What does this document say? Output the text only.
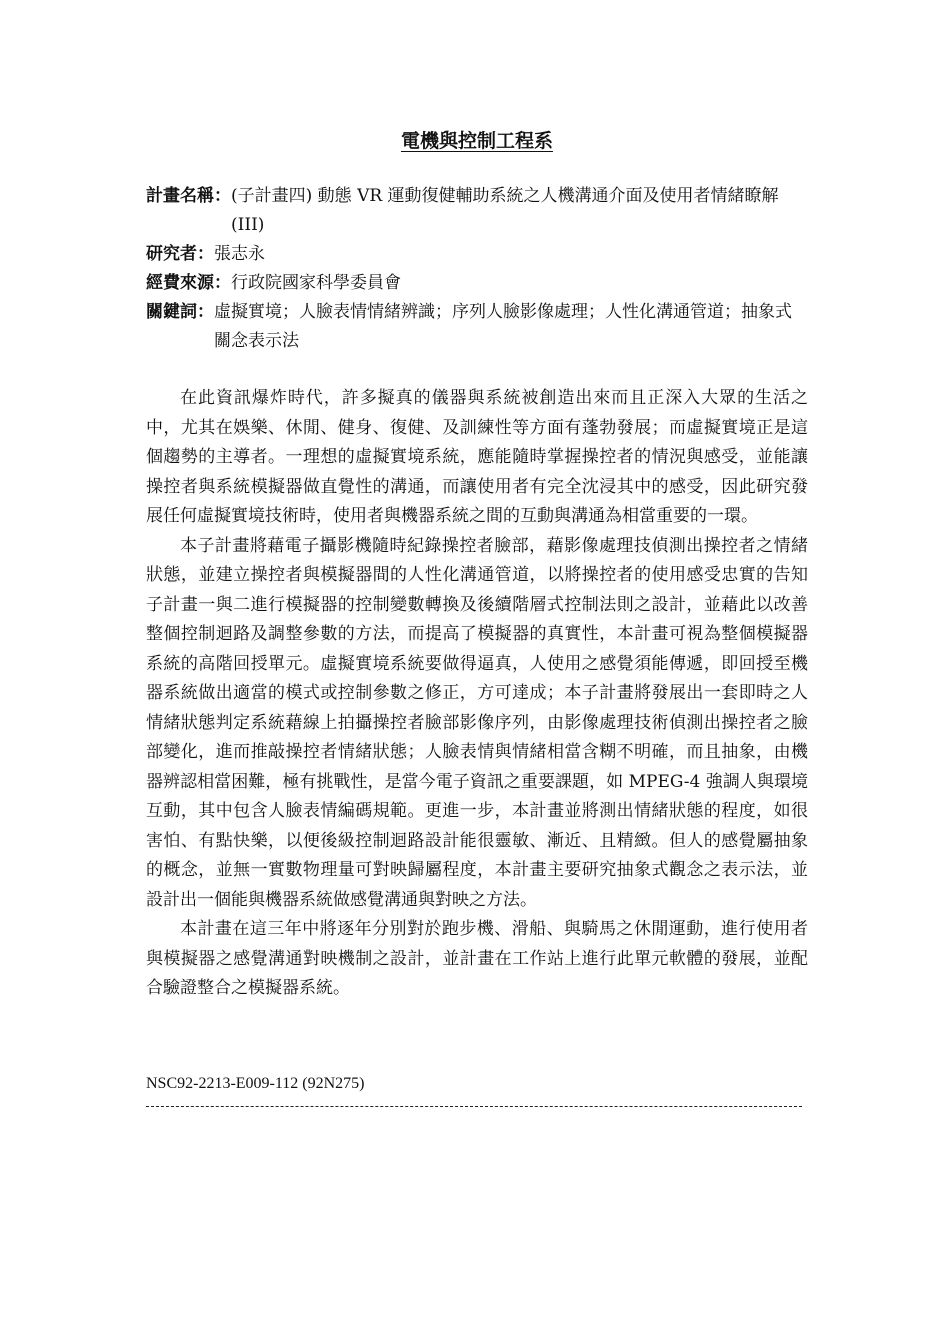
電機與控制工程系
計畫名稱： (子計畫四) 動態 VR 運動復健輔助系統之人機溝通介面及使用者情緒瞭解(III)
研究者： 張志永
經費來源： 行政院國家科學委員會
關鍵詞： 虛擬實境；人臉表情情緒辨識；序列人臉影像處理；人性化溝通管道；抽象式關念表示法

在此資訊爆炸時代，許多擬真的儀器與系統被創造出來而且正深入大眾的生活之中，尤其在娛樂、休閒、健身、復健、及訓練性等方面有蓬勃發展；而虛擬實境正是這個趨勢的主導者。一理想的虛擬實境系統，應能隨時掌握操控者的情況與感受，並能讓操控者與系統模擬器做直覺性的溝通，而讓使用者有完全沈浸其中的感受，因此研究發展任何虛擬實境技術時，使用者與機器系統之間的互動與溝通為相當重要的一環。

本子計畫將藉電子攝影機隨時紀錄操控者臉部，藉影像處理技偵測出操控者之情緒狀態，並建立操控者與模擬器間的人性化溝通管道，以將操控者的使用感受忠實的告知子計畫一與二進行模擬器的控制變數轉換及後續階層式控制法則之設計，並藉此以改善整個控制迴路及調整參數的方法，而提高了模擬器的真實性，本計畫可視為整個模擬器系統的高階回授單元。虛擬實境系統要做得逼真，人使用之感覺須能傳遞，即回授至機器系統做出適當的模式或控制參數之修正，方可達成；本子計畫將發展出一套即時之人情緒狀態判定系統藉線上拍攝操控者臉部影像序列，由影像處理技術偵測出操控者之臉部變化，進而推敲操控者情緒狀態；人臉表情與情緒相當含糊不明確，而且抽象，由機器辨認相當困難，極有挑戰性，是當今電子資訊之重要課題，如 MPEG-4 強調人與環境互動，其中包含人臉表情編碼規範。更進一步，本計畫並將測出情緒狀態的程度，如很害怕、有點快樂，以便後級控制迴路設計能很靈敏、漸近、且精緻。但人的感覺屬抽象的概念，並無一實數物理量可對映歸屬程度，本計畫主要研究抽象式觀念之表示法，並設計出一個能與機器系統做感覺溝通與對映之方法。

本計畫在這三年中將逐年分別對於跑步機、滑船、與騎馬之休閒運動，進行使用者與模擬器之感覺溝通對映機制之設計，並計畫在工作站上進行此單元軟體的發展，並配合驗證整合之模擬器系統。

NSC92-2213-E009-112 (92N275)
